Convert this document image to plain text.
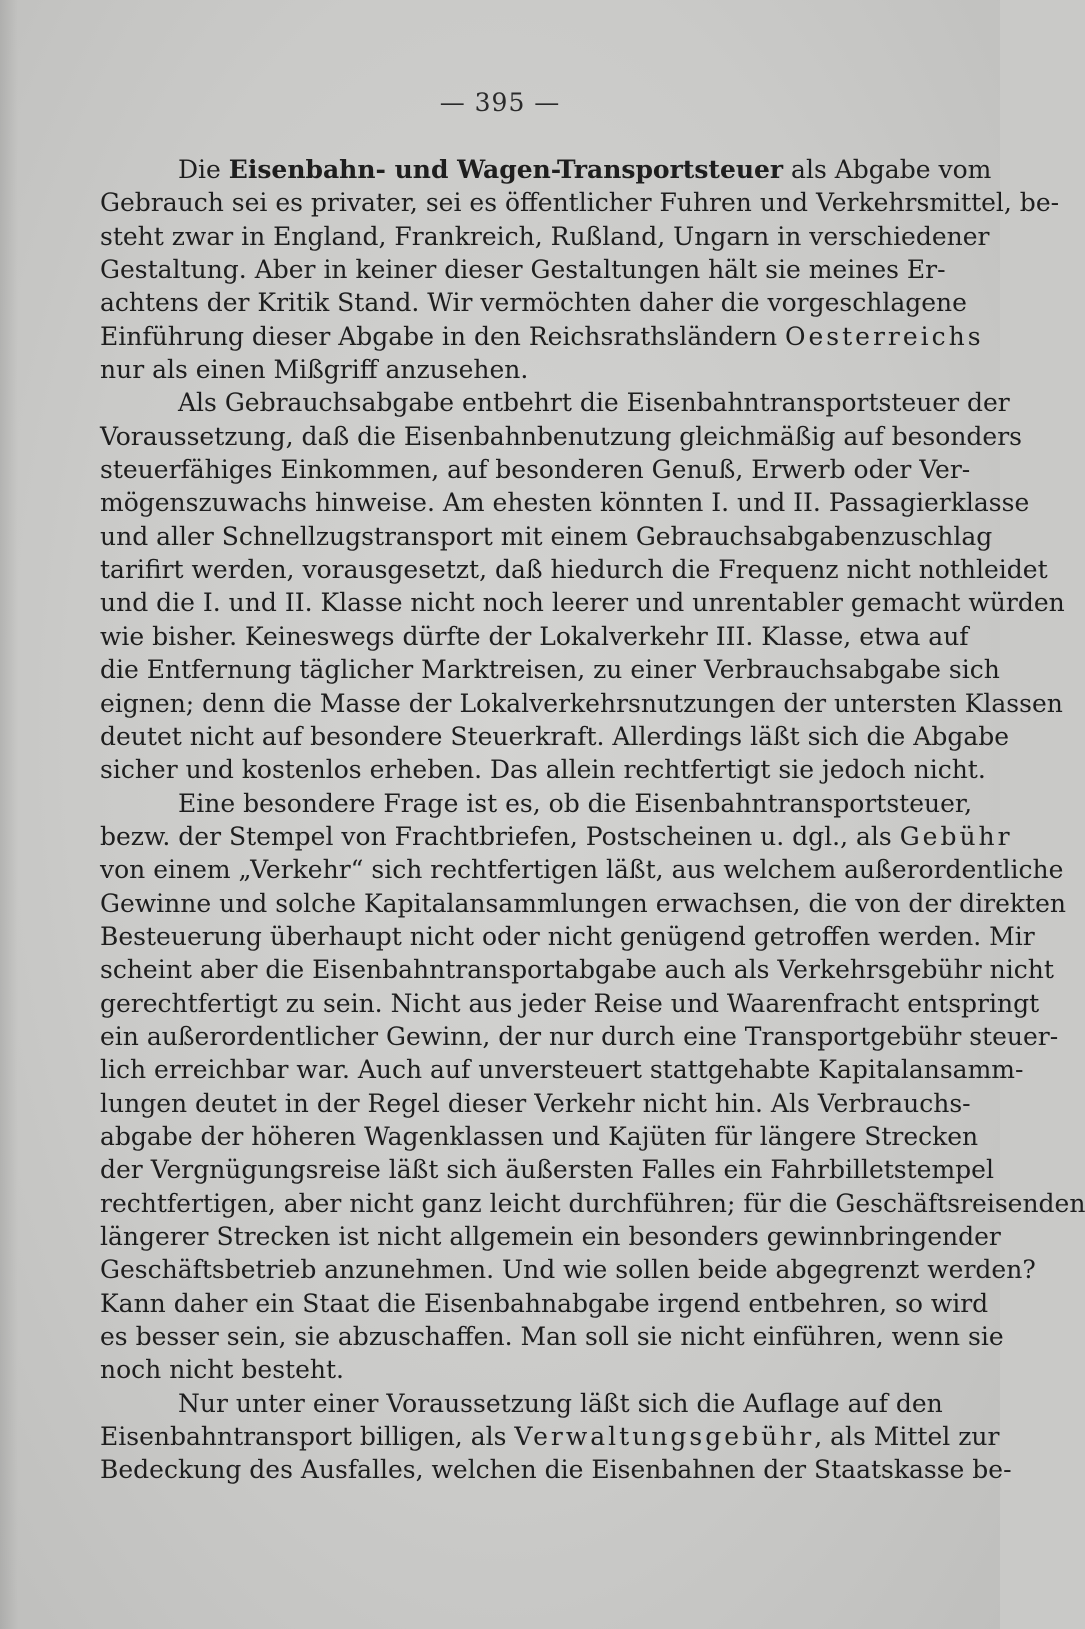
— 395 —
Die Eisenbahn- und Wagen-Transportsteuer als Abgabe vom
Gebrauch sei es privater, sei es öffentlicher Fuhren und Verkehrsmittel, be-
steht zwar in England, Frankreich, Rußland, Ungarn in verschiedener
Gestaltung. Aber in keiner dieser Gestaltungen hält sie meines Er-
achtens der Kritik Stand. Wir vermöchten daher die vorgeschlagene
Einführung dieser Abgabe in den Reichsrathsländern Oesterreichs
nur als einen Mißgriff anzusehen.
Als Gebrauchsabgabe entbehrt die Eisenbahntransportsteuer der
Voraussetzung, daß die Eisenbahnbenutzung gleichmäßig auf besonders
steuerfähiges Einkommen, auf besonderen Genuß, Erwerb oder Ver-
mögenszuwachs hinweise. Am ehesten könnten I. und II. Passagierklasse
und aller Schnellzugstransport mit einem Gebrauchsabgabenzuschlag
tarifirt werden, vorausgesetzt, daß hiedurch die Frequenz nicht nothleidet
und die I. und II. Klasse nicht noch leerer und unrentabler gemacht würden
wie bisher. Keineswegs dürfte der Lokalverkehr III. Klasse, etwa auf
die Entfernung täglicher Marktreisen, zu einer Verbrauchsabgabe sich
eignen; denn die Masse der Lokalverkehrsnutzungen der untersten Klassen
deutet nicht auf besondere Steuerkraft. Allerdings läßt sich die Abgabe
sicher und kostenlos erheben. Das allein rechtfertigt sie jedoch nicht.
Eine besondere Frage ist es, ob die Eisenbahntransportsteuer,
bezw. der Stempel von Frachtbriefen, Postscheinen u. dgl., als Gebühr
von einem „Verkehr“ sich rechtfertigen läßt, aus welchem außerordentliche
Gewinne und solche Kapitalansammlungen erwachsen, die von der direkten
Besteuerung überhaupt nicht oder nicht genügend getroffen werden. Mir
scheint aber die Eisenbahntransportabgabe auch als Verkehrsgebühr nicht
gerechtfertigt zu sein. Nicht aus jeder Reise und Waarenfracht entspringt
ein außerordentlicher Gewinn, der nur durch eine Transportgebühr steuer-
lich erreichbar war. Auch auf unversteuert stattgehabte Kapitalansamm-
lungen deutet in der Regel dieser Verkehr nicht hin. Als Verbrauchs-
abgabe der höheren Wagenklassen und Kajüten für längere Strecken
der Vergnügungsreise läßt sich äußersten Falles ein Fahrbilletstempel
rechtfertigen, aber nicht ganz leicht durchführen; für die Geschäftsreisenden
längerer Strecken ist nicht allgemein ein besonders gewinnbringender
Geschäftsbetrieb anzunehmen. Und wie sollen beide abgegrenzt werden?
Kann daher ein Staat die Eisenbahnabgabe irgend entbehren, so wird
es besser sein, sie abzuschaffen. Man soll sie nicht einführen, wenn sie
noch nicht besteht.
Nur unter einer Voraussetzung läßt sich die Auflage auf den
Eisenbahntransport billigen, als Verwaltungsgebühr, als Mittel zur
Bedeckung des Ausfalles, welchen die Eisenbahnen der Staatskasse be-
